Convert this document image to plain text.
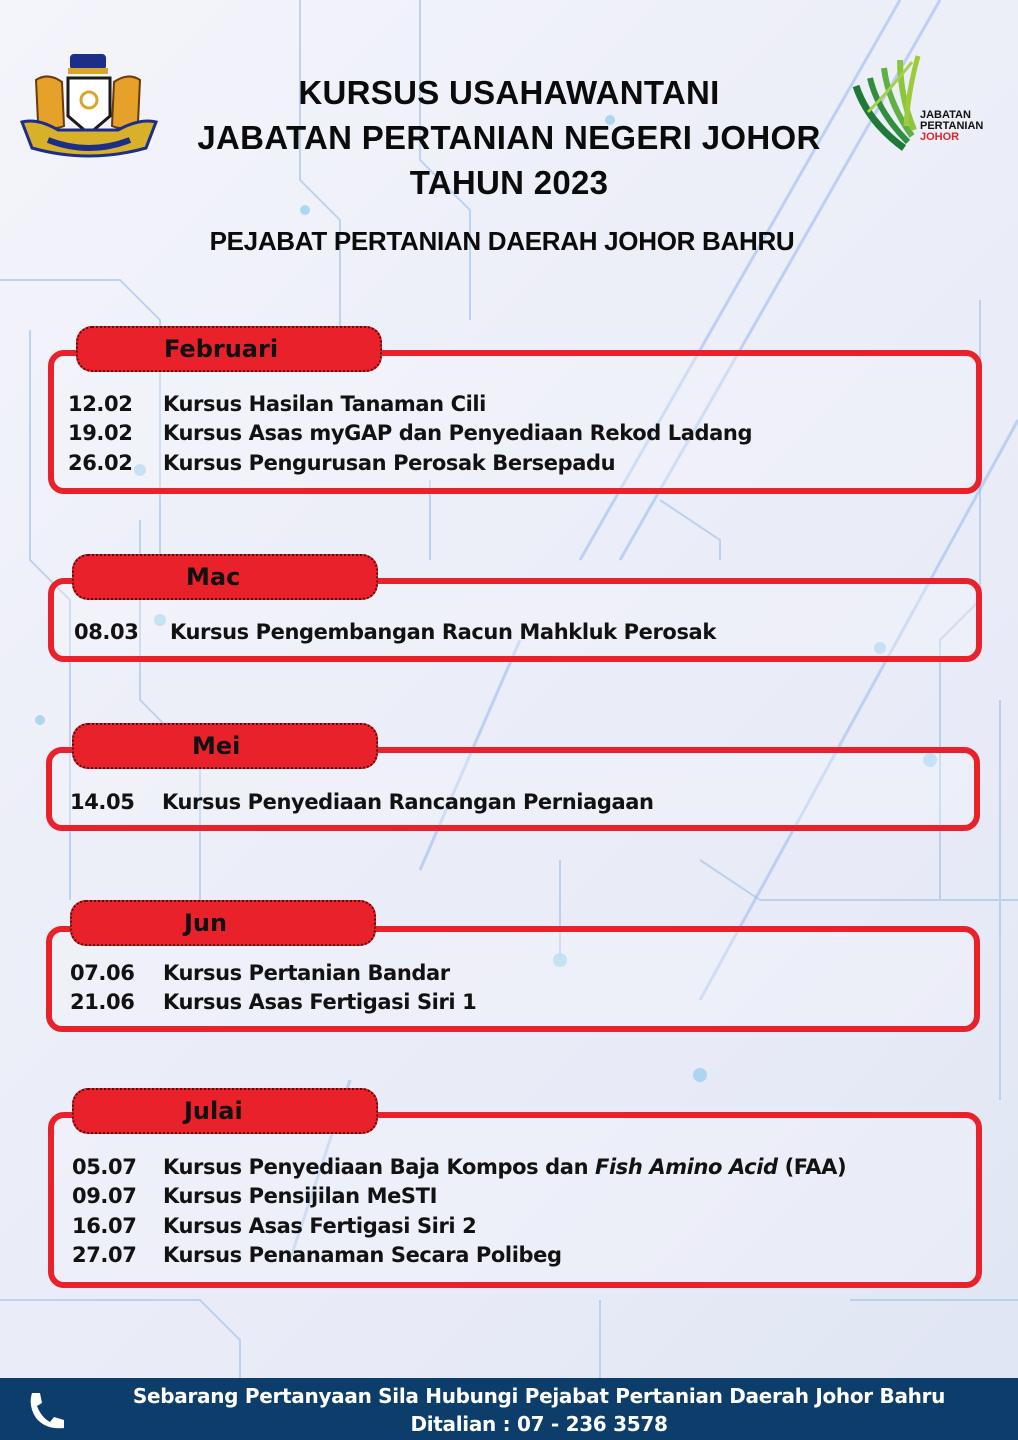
JABATAN
PERTANIAN
JOHOR
KURSUS USAHAWANTANI
JABATAN PERTANIAN NEGERI JOHOR
TAHUN 2023
PEJABAT PERTANIAN DAERAH JOHOR BAHRU
Februari
12.02	Kursus Hasilan Tanaman Cili
19.02	Kursus Asas myGAP dan Penyediaan Rekod Ladang
26.02	Kursus Pengurusan Perosak Bersepadu
Mac
08.03	Kursus Pengembangan Racun Mahkluk Perosak
Mei
14.05	Kursus Penyediaan Rancangan Perniagaan
Jun
07.06	Kursus Pertanian Bandar
21.06	Kursus Asas Fertigasi Siri 1
Julai
05.07	Kursus Penyediaan Baja Kompos dan Fish Amino Acid (FAA)
09.07	Kursus Pensijilan MeSTI
16.07	Kursus Asas Fertigasi Siri 2
27.07	Kursus Penanaman Secara Polibeg
Sebarang Pertanyaan Sila Hubungi Pejabat Pertanian Daerah Johor Bahru
Ditalian : 07 - 236 3578
